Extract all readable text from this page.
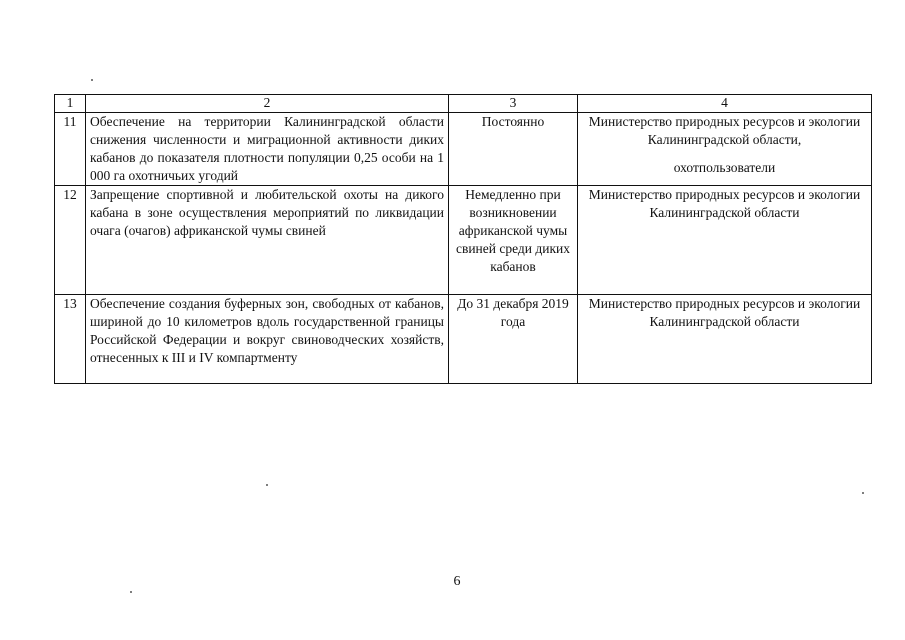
1	2	3	4
11	Обеспечение на территории Калининградской области снижения численности и миграционной активности диких кабанов до показателя плотности популяции 0,25 особи на 1 000 га охотничьих угодий	Постоянно	Министерство природных ресурсов и экологии Калининградской области,
охотпользователи
12	Запрещение спортивной и любительской охоты на дикого кабана в зоне осуществления мероприятий по ликвидации очага (очагов) африканской чумы свиней	Немедленно при возникновении африканской чумы свиней среди диких кабанов	Министерство природных ресурсов и экологии Калининградской области
13	Обеспечение создания буферных зон, свободных от кабанов, шириной до 10 километров вдоль государственной границы Российской Федерации и вокруг свиноводческих хозяйств, отнесенных к III и IV компартменту	До 31 декабря 2019 года	Министерство природных ресурсов и экологии Калининградской области
6
